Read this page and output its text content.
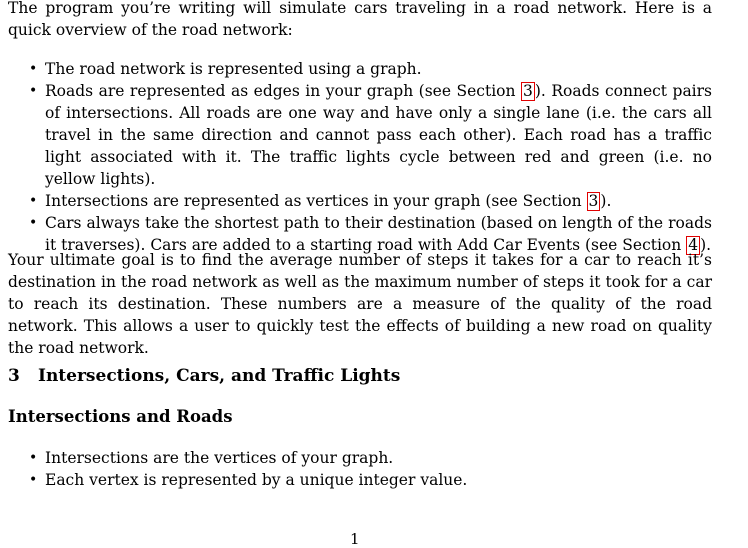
The program you’re writing will simulate cars traveling in a road network. Here is a quick overview of the road network:

• The road network is represented using a graph.
• Roads are represented as edges in your graph (see Section 3 ). Roads connect pairs of intersections. All roads are one way and have only a single lane (i.e. the cars all travel in the same direction and cannot pass each other). Each road has a traffic light associated with it. The traffic lights cycle between red and green (i.e. no yellow lights).
• Intersections are represented as vertices in your graph (see Section 3 ).
• Cars always take the shortest path to their destination (based on length of the roads it traverses). Cars are added to a starting road with Add Car Events (see Section 4 ).

Your ultimate goal is to find the average number of steps it takes for a car to reach it’s destination in the road network as well as the maximum number of steps it took for a car to reach its destination. These numbers are a measure of the quality of the road network. This allows a user to quickly test the effects of building a new road on quality the road network.

3 Intersections, Cars, and Traffic Lights
Intersections and Roads
• Intersections are the vertices of your graph.
• Each vertex is represented by a unique integer value.
1
